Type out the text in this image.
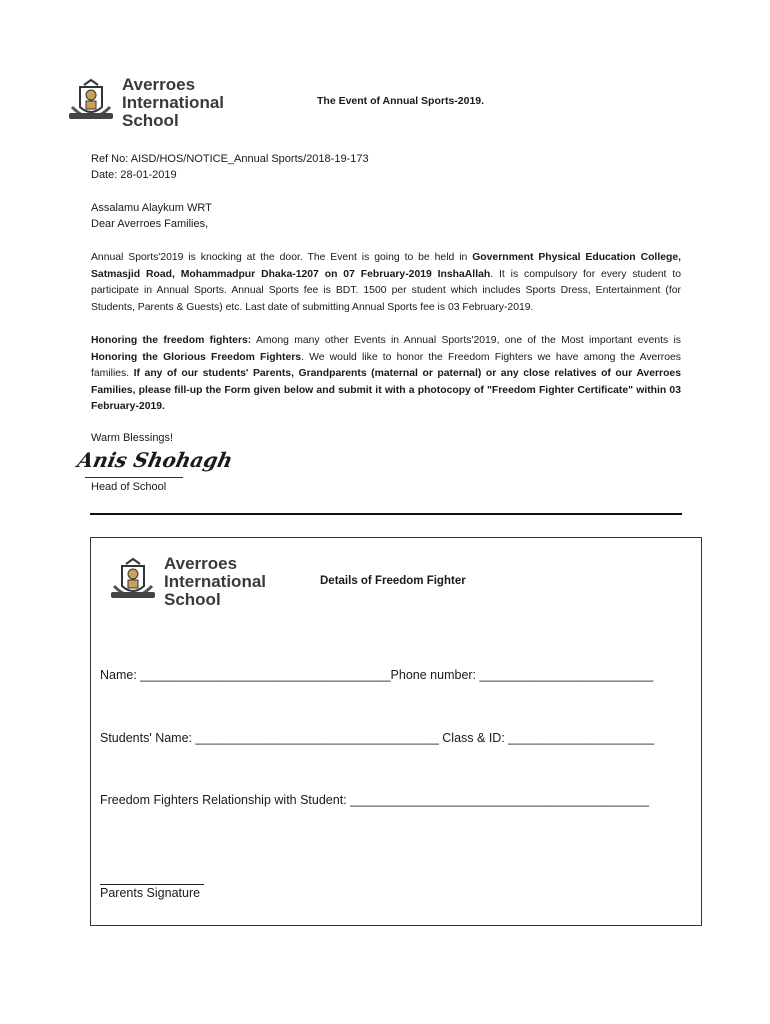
Averroes
International
School
The Event of Annual Sports-2019.
Ref No: AISD/HOS/NOTICE_Annual Sports/2018-19-173
Date: 28-01-2019
Assalamu Alaykum WRT
Dear Averroes Families,
Annual Sports'2019 is knocking at the door. The Event is going to be held in Government Physical Education College, Satmasjid Road, Mohammadpur Dhaka-1207 on 07 February-2019 InshaAllah. It is compulsory for every student to participate in Annual Sports. Annual Sports fee is BDT. 1500 per student which includes Sports Dress, Entertainment (for Students, Parents & Guests) etc. Last date of submitting Annual Sports fee is 03 February-2019.
Honoring the freedom fighters: Among many other Events in Annual Sports'2019, one of the Most important events is Honoring the Glorious Freedom Fighters. We would like to honor the Freedom Fighters we have among the Averroes families. If any of our students' Parents, Grandparents (maternal or paternal) or any close relatives of our Averroes Families, please fill-up the Form given below and submit it with a photocopy of "Freedom Fighter Certificate" within 03 February-2019.
Warm Blessings!
Anis Shohagh
Head of School
Averroes
International
School
Details of Freedom Fighter
Name: ____________________________________Phone number: _________________________
Students' Name: ___________________________________ Class & ID: _____________________
Freedom Fighters Relationship with Student: ___________________________________________
Parents Signature
